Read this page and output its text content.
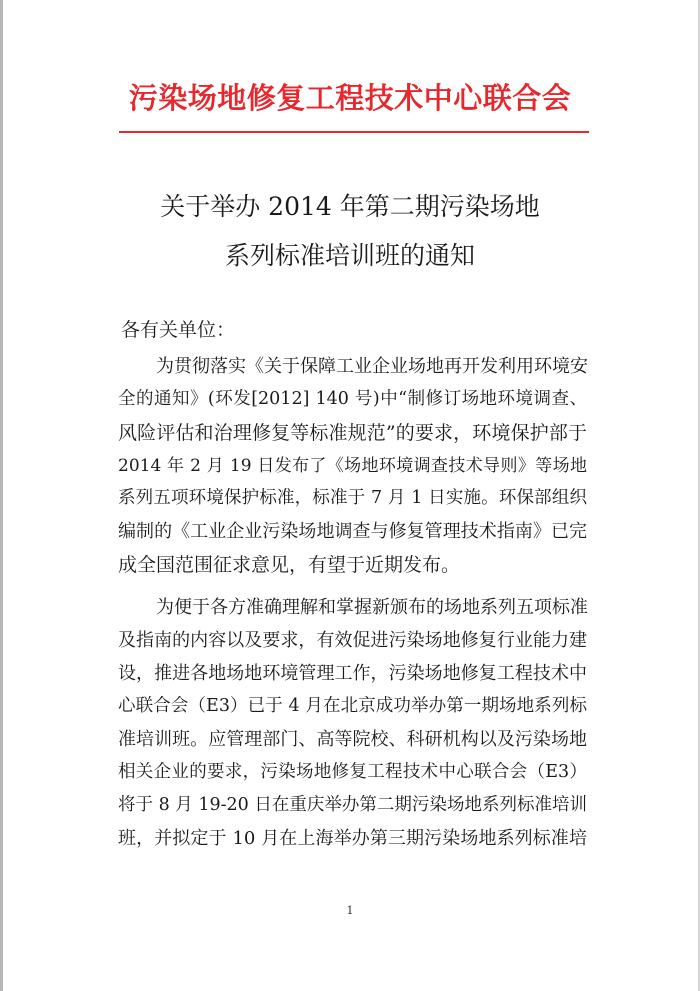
污染场地修复工程技术中心联合会
关于举办 2014 年第二期污染场地
系列标准培训班的通知
各有关单位：
为贯彻落实《关于保障工业企业场地再开发利用环境安
全的通知》(环发[2012] 140 号)中“制修订场地环境调查、
风险评估和治理修复等标准规范”的要求，环境保护部于
2014 年 2 月 19 日发布了《场地环境调查技术导则》等场地
系列五项环境保护标准，标准于 7 月 1 日实施。环保部组织
编制的《工业企业污染场地调查与修复管理技术指南》已完
成全国范围征求意见，有望于近期发布。
为便于各方准确理解和掌握新颁布的场地系列五项标准
及指南的内容以及要求，有效促进污染场地修复行业能力建
设，推进各地场地环境管理工作，污染场地修复工程技术中
心联合会（E3）已于 4 月在北京成功举办第一期场地系列标
准培训班。应管理部门、高等院校、科研机构以及污染场地
相关企业的要求，污染场地修复工程技术中心联合会（E3）
将于 8 月 19-20 日在重庆举办第二期污染场地系列标准培训
班，并拟定于 10 月在上海举办第三期污染场地系列标准培
1
